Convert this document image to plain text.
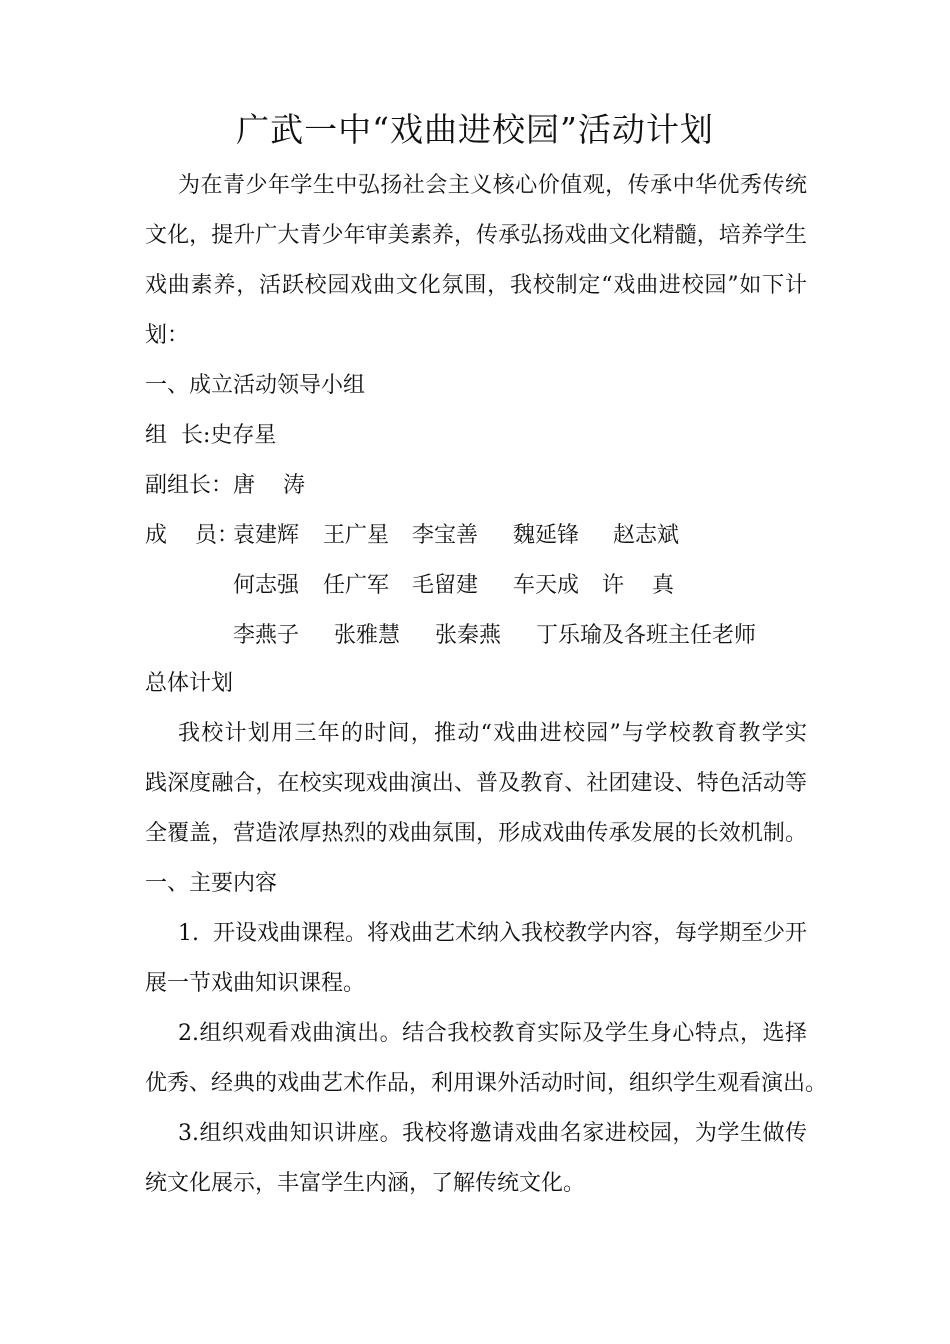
广武一中“戏曲进校园”活动计划
为在青少年学生中弘扬社会主义核心价值观，传承中华优秀传统
文化，提升广大青少年审美素养，传承弘扬戏曲文化精髓，培养学生
戏曲素养，活跃校园戏曲文化氛围，我校制定“戏曲进校园”如下计
划：
一、成立活动领导小组
组  长:史存星
副组长： 唐    涛
成    员：
袁建辉 王广星 李宝善 魏延锋 赵志斌
何志强 任广军 毛留建 车天成 许    真
李燕子 张雅慧 张秦燕 丁乐瑜及各班主任老师
总体计划
我校计划用三年的时间，推动“戏曲进校园”与学校教育教学实
践深度融合，在校实现戏曲演出、普及教育、社团建设、特色活动等
全覆盖，营造浓厚热烈的戏曲氛围，形成戏曲传承发展的长效机制。
一、主要内容
1.  开设戏曲课程。将戏曲艺术纳入我校教学内容，每学期至少开
展一节戏曲知识课程。
2.组织观看戏曲演出。结合我校教育实际及学生身心特点，选择
优秀、经典的戏曲艺术作品，利用课外活动时间，组织学生观看演出。
3.组织戏曲知识讲座。我校将邀请戏曲名家进校园，为学生做传
统文化展示，丰富学生内涵，了解传统文化。
